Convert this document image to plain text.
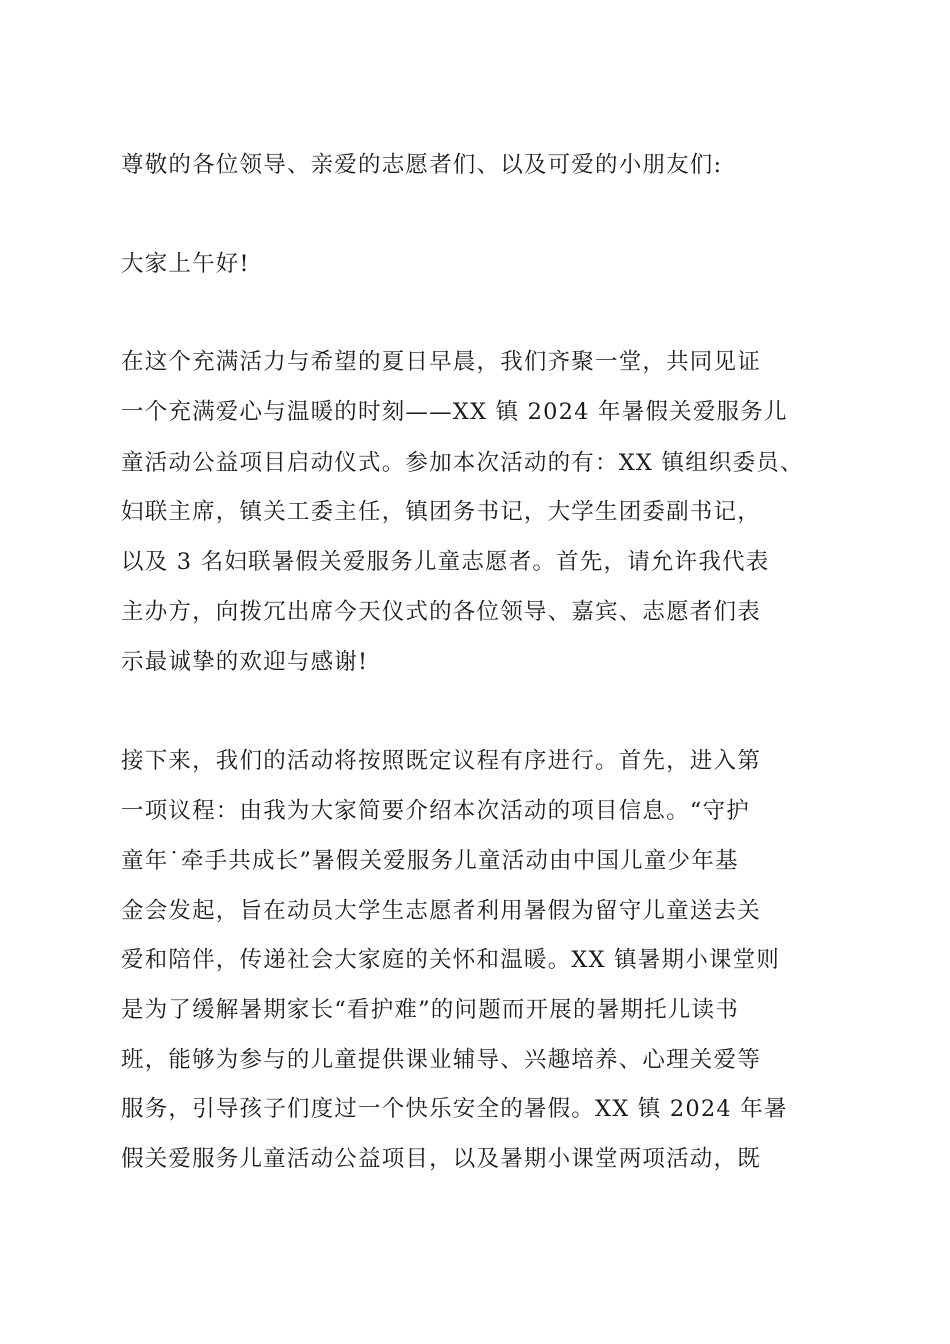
尊敬的各位领导、亲爱的志愿者们、以及可爱的小朋友们:
大家上午好!
在这个充满活力与希望的夏日早晨，我们齐聚一堂，共同见证
一个充满爱心与温暖的时刻——XX 镇 2024 年暑假关爱服务儿
童活动公益项目启动仪式。参加本次活动的有：XX 镇组织委员、
妇联主席，镇关工委主任，镇团务书记，大学生团委副书记，
以及 3 名妇联暑假关爱服务儿童志愿者。首先，请允许我代表
主办方，向拨冗出席今天仪式的各位领导、嘉宾、志愿者们表
示最诚挚的欢迎与感谢!
接下来，我们的活动将按照既定议程有序进行。首先，进入第
一项议程：由我为大家简要介绍本次活动的项目信息。“守护
童年˙牵手共成长”暑假关爱服务儿童活动由中国儿童少年基
金会发起，旨在动员大学生志愿者利用暑假为留守儿童送去关
爱和陪伴，传递社会大家庭的关怀和温暖。XX 镇暑期小课堂则
是为了缓解暑期家长“看护难”的问题而开展的暑期托儿读书
班，能够为参与的儿童提供课业辅导、兴趣培养、心理关爱等
服务，引导孩子们度过一个快乐安全的暑假。XX 镇 2024 年暑
假关爱服务儿童活动公益项目，以及暑期小课堂两项活动，既
